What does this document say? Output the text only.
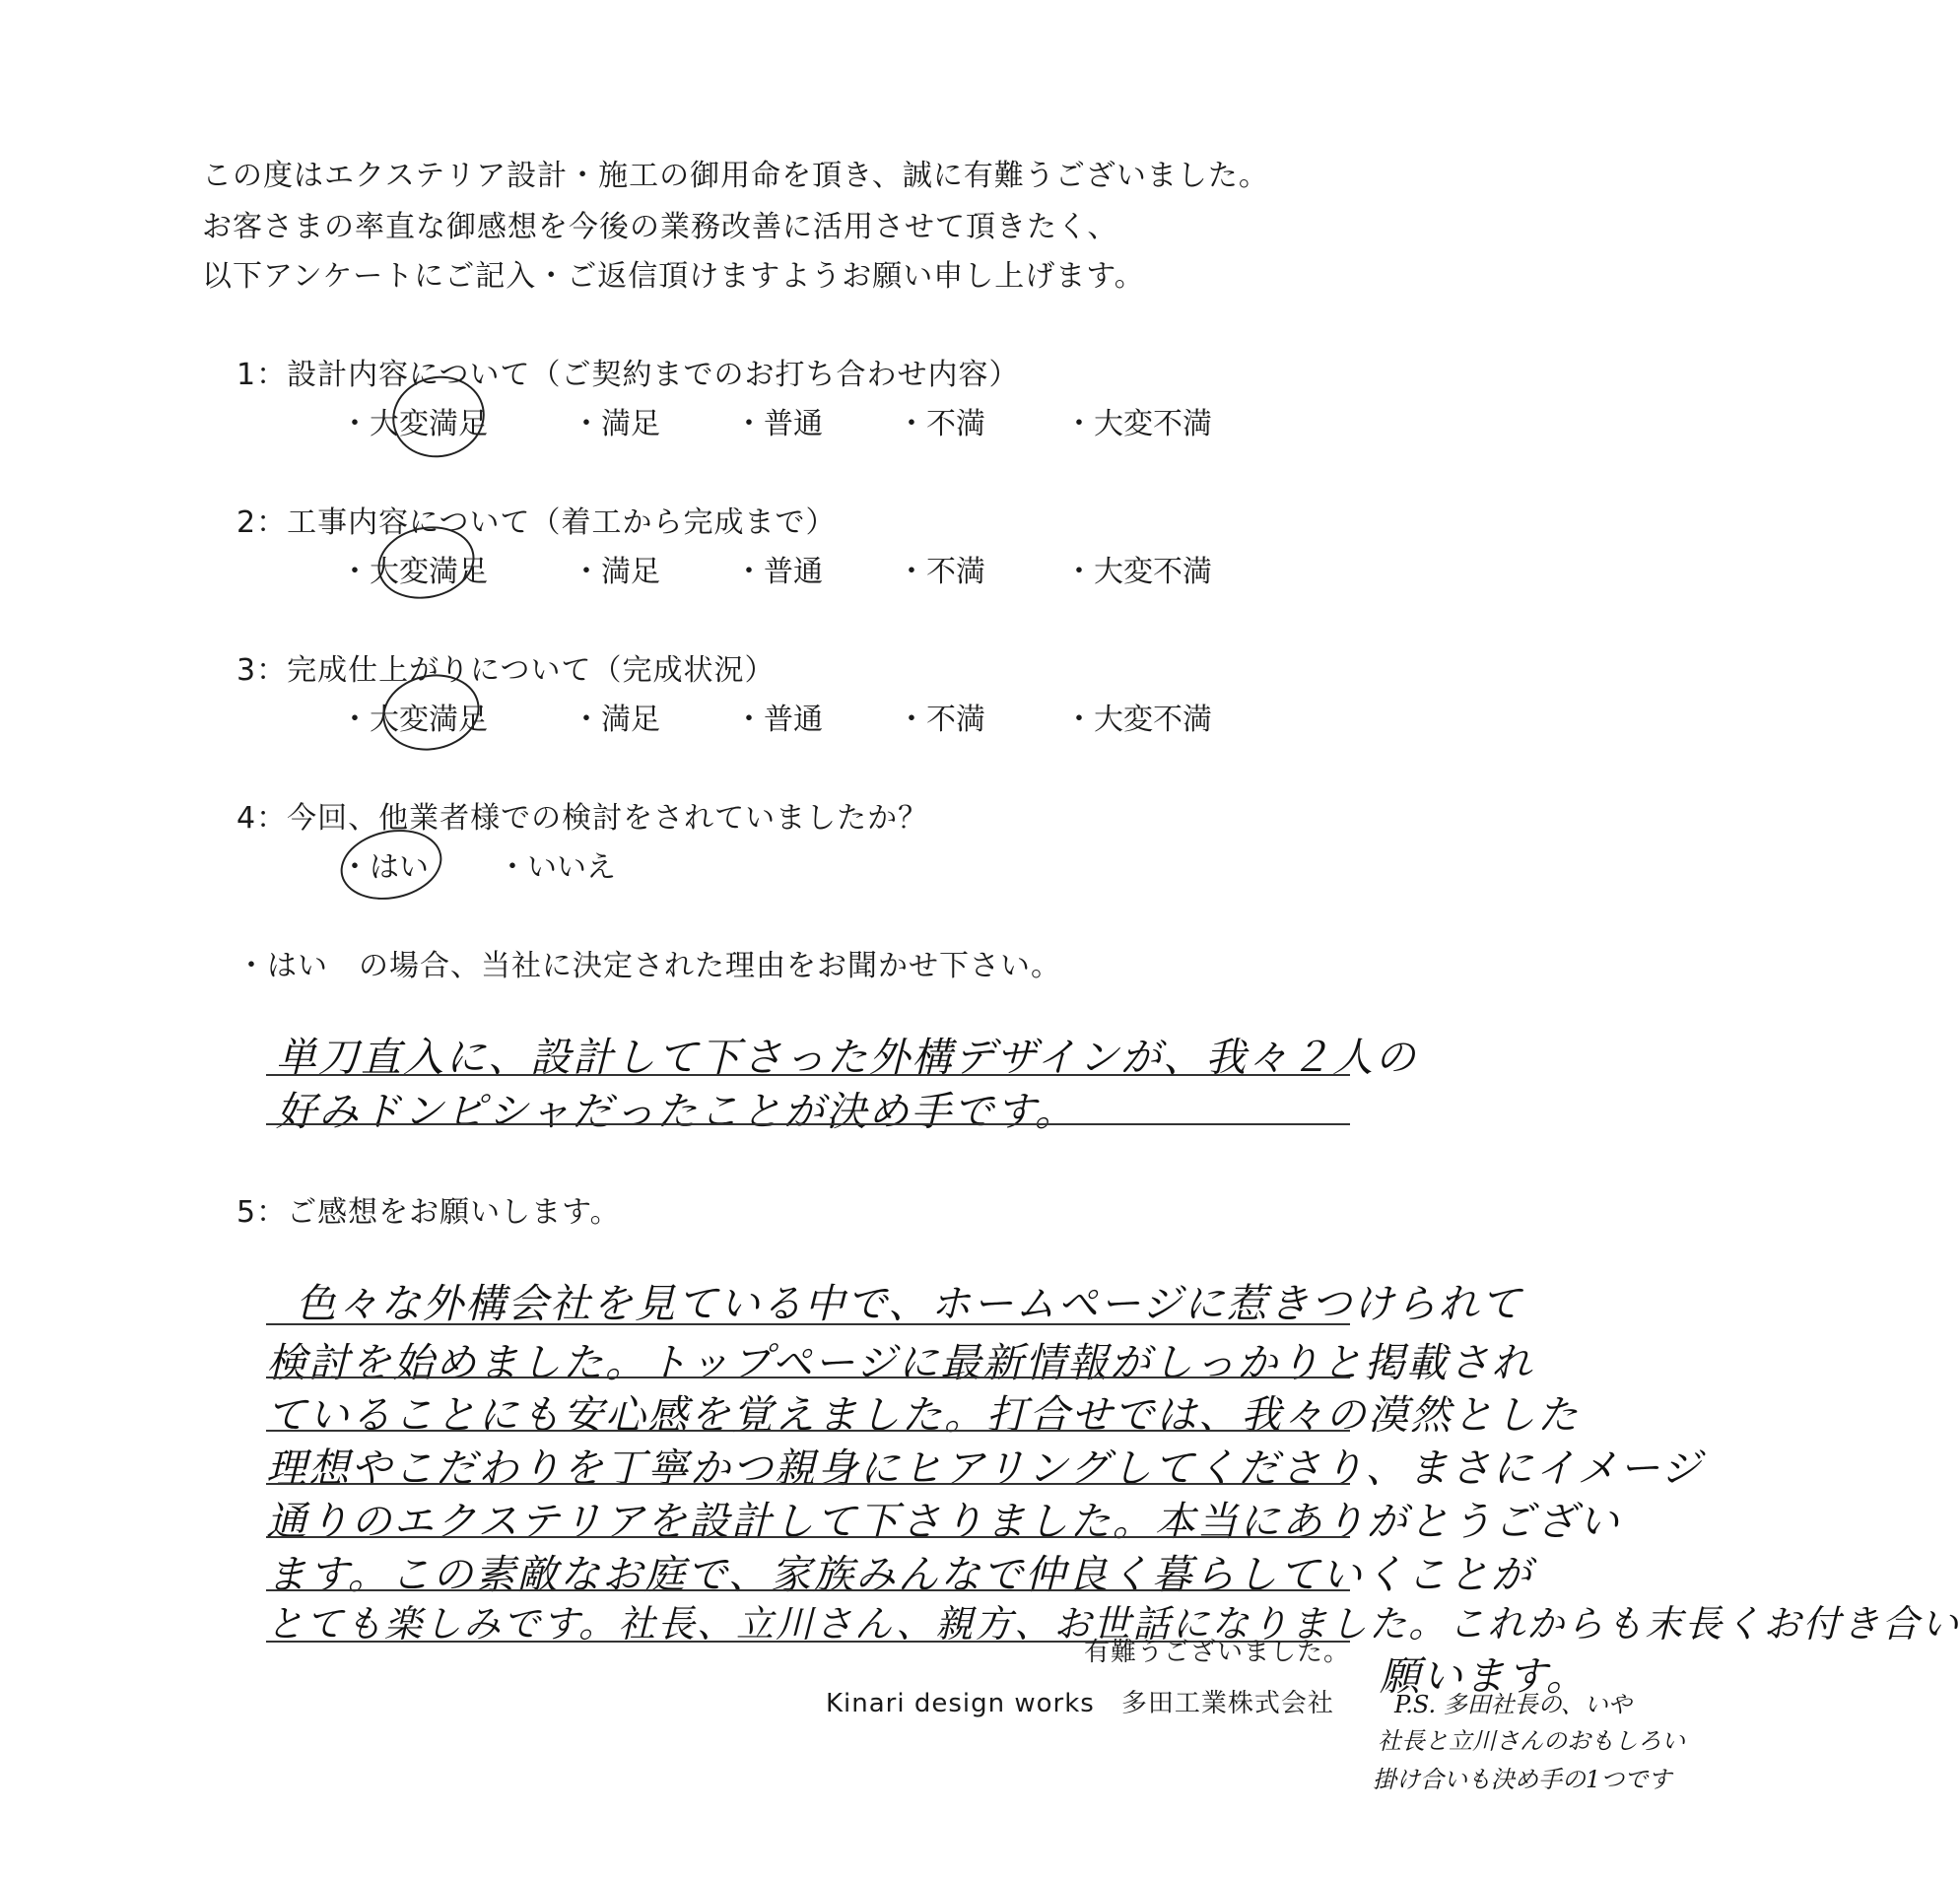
この度はエクステリア設計・施工の御用命を頂き、誠に有難うございました。
お客さまの率直な御感想を今後の業務改善に活用させて頂きたく、
以下アンケートにご記入・ご返信頂けますようお願い申し上げます。
1：設計内容について（ご契約までのお打ち合わせ内容）
・大変満足	・満足	・普通	・不満	・大変不満
2：工事内容について（着工から完成まで）
・大変満足	・満足	・普通	・不満	・大変不満
3：完成仕上がりについて（完成状況）
・大変満足	・満足	・普通	・不満	・大変不満
4：今回、他業者様での検討をされていましたか？
・はい ・いいえ
・はい　の場合、当社に決定された理由をお聞かせ下さい。
単刀直入に、設計して下さった外構デザインが、我々２人の
好みドンピシャだったことが決め手です。
5：ご感想をお願いします。
色々な外構会社を見ている中で、ホームページに惹きつけられて
検討を始めました。トップページに最新情報がしっかりと掲載され
ていることにも安心感を覚えました。打合せでは、我々の漠然とした
理想やこだわりを丁寧かつ親身にヒアリングしてくださり、まさにイメージ
通りのエクステリアを設計して下さりました。本当にありがとうござい
ます。この素敵なお庭で、家族みんなで仲良く暮らしていくことが
とても楽しみです。社長、立川さん、親方、お世話になりました。これからも末長くお付き合い
願います。
有難うございました。
Kinari design works　多田工業株式会社	P.S. 多田社長の、いや
社長と立川さんのおもしろい
掛け合いも決め手の1つです
